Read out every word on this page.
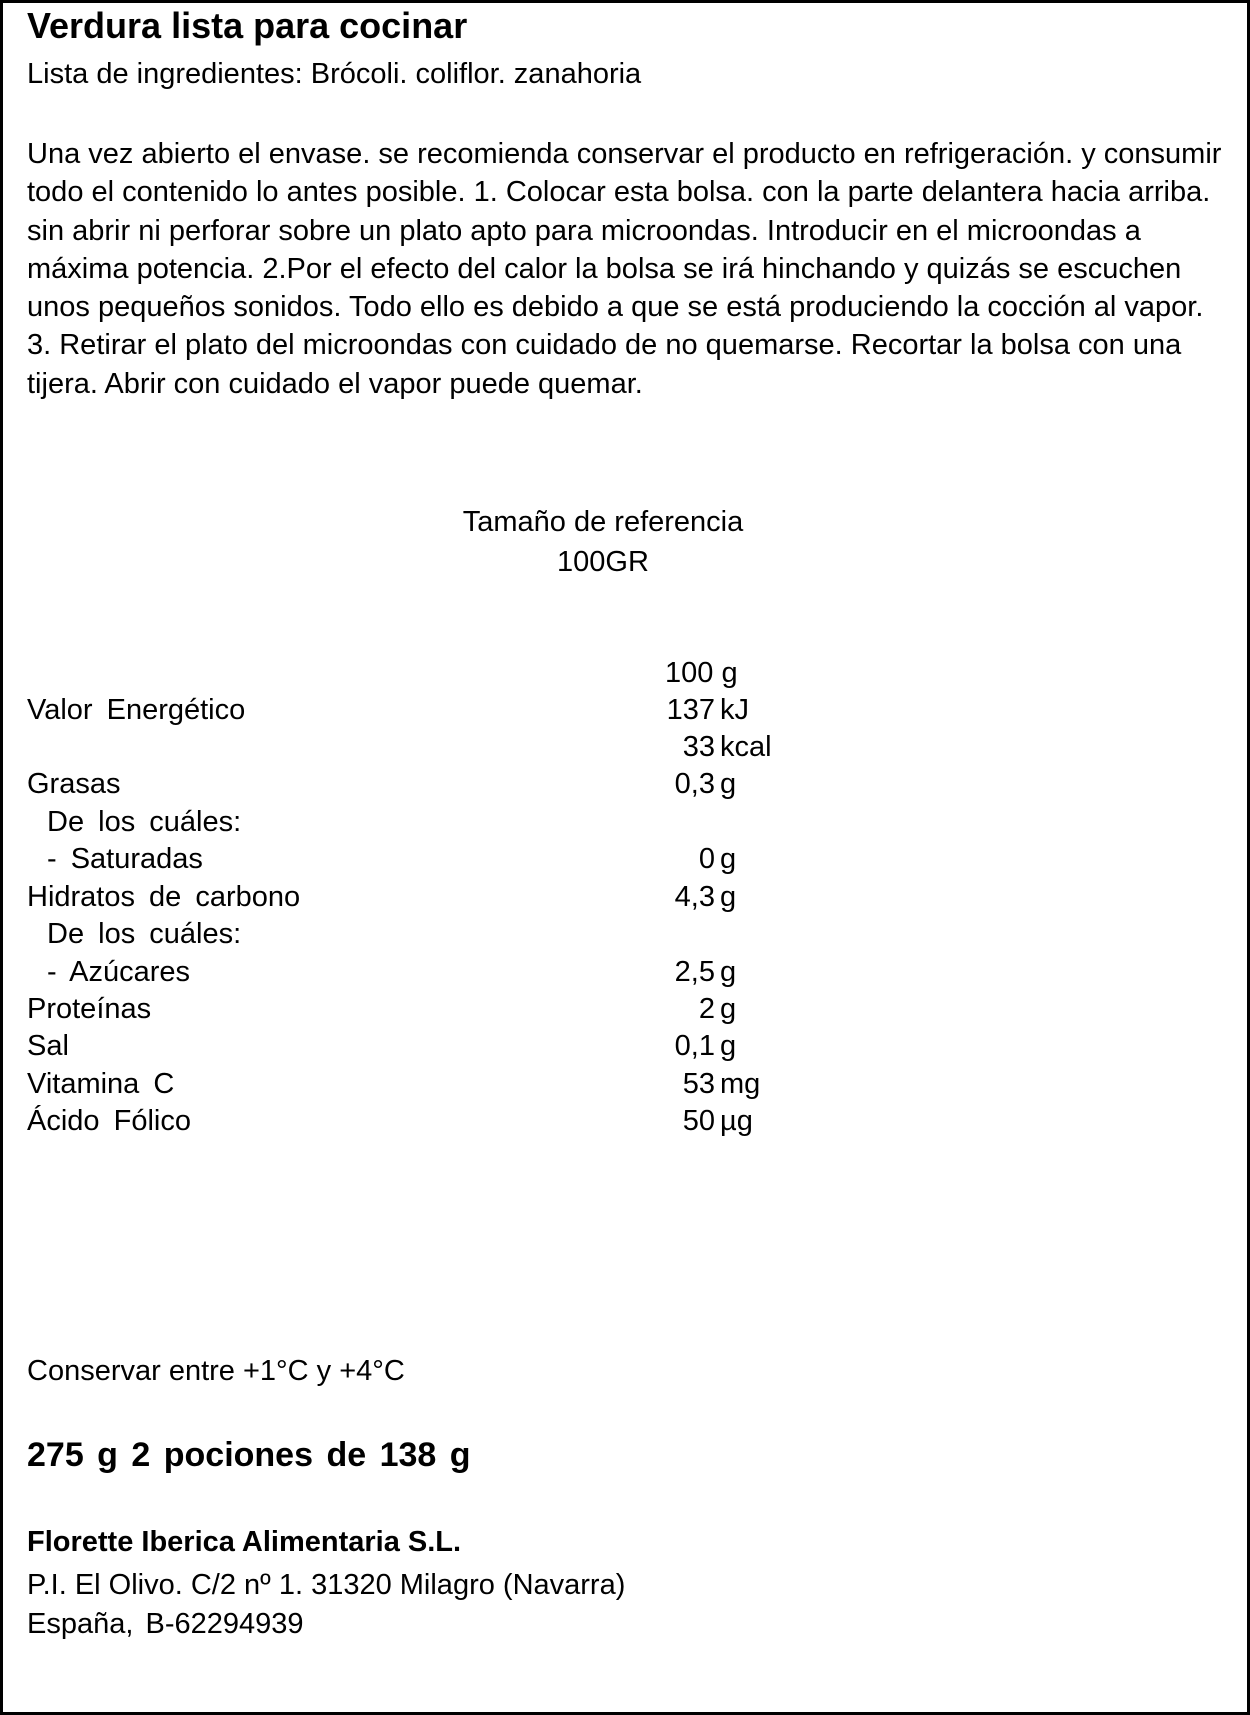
Verdura lista para cocinar
Lista de ingredientes: Brócoli. coliflor. zanahoria
Una vez abierto el envase. se recomienda conservar el producto en refrigeración. y consumir todo el contenido lo antes posible. 1. Colocar esta bolsa. con la parte delantera hacia arriba. sin abrir ni perforar sobre un plato apto para microondas. Introducir en el microondas a máxima potencia. 2.Por el efecto del calor la bolsa se irá hinchando y quizás se escuchen unos pequeños sonidos. Todo ello es debido a que se está produciendo la cocción al vapor. 3. Retirar el plato del microondas con cuidado de no quemarse. Recortar la bolsa con una tijera. Abrir con cuidado el vapor puede quemar.
Tamaño de referencia
100GR
100 g
Valor Energético	137 kJ
33 kcal
Grasas	0,3 g
De los cuáles:
- Saturadas	0 g
Hidratos de carbono	4,3 g
De los cuáles:
- Azúcares	2,5 g
Proteínas	2 g
Sal	0,1 g
Vitamina C	53 mg
Ácido Fólico	50 µg
Conservar entre +1°C y +4°C
275 g 2 pociones de 138 g
Florette Iberica Alimentaria S.L.
P.I. El Olivo. C/2 nº 1. 31320 Milagro (Navarra)
España, B-62294939
